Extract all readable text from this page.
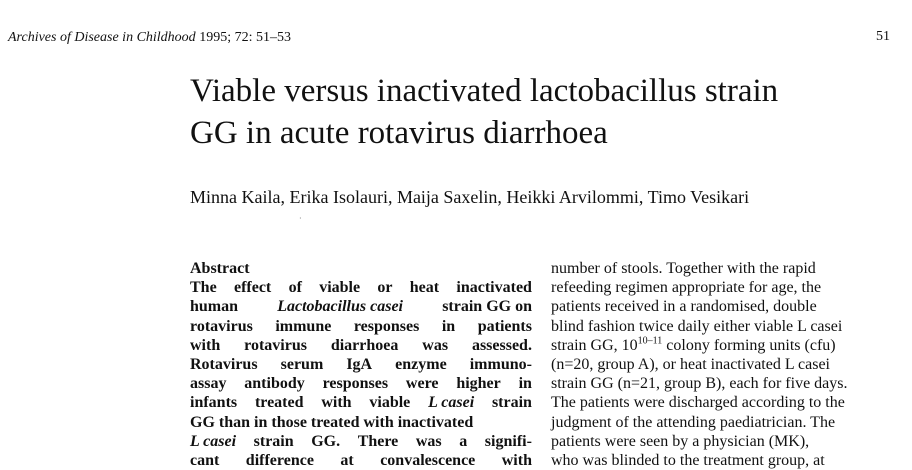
Archives of Disease in Childhood 1995; 72: 51–53	51
Viable versus inactivated lactobacillus strain
GG in acute rotavirus diarrhoea
Minna Kaila, Erika Isolauri, Maija Saxelin, Heikki Arvilommi, Timo Vesikari
·
Abstract
The effect of viable or heat inactivated
human Lactobacillus casei strain GG on
rotavirus immune responses in patients
with rotavirus diarrhoea was assessed.
Rotavirus serum IgA enzyme immuno-
assay antibody responses were higher in
infants treated with viable L casei strain
GG than in those treated with inactivated
L casei strain GG. There was a signifi-
cant difference at convalescence with
number of stools. Together with the rapid
refeeding regimen appropriate for age, the
patients received in a randomised, double
blind fashion twice daily either viable L casei
strain GG, 10$^{10-11}$ colony forming units (cfu)
(n=20, group A), or heat inactivated L casei
strain GG (n=21, group B), each for five days.
The patients were discharged according to the
judgment of the attending paediatrician. The
patients were seen by a physician (MK),
who was blinded to the treatment group, at
